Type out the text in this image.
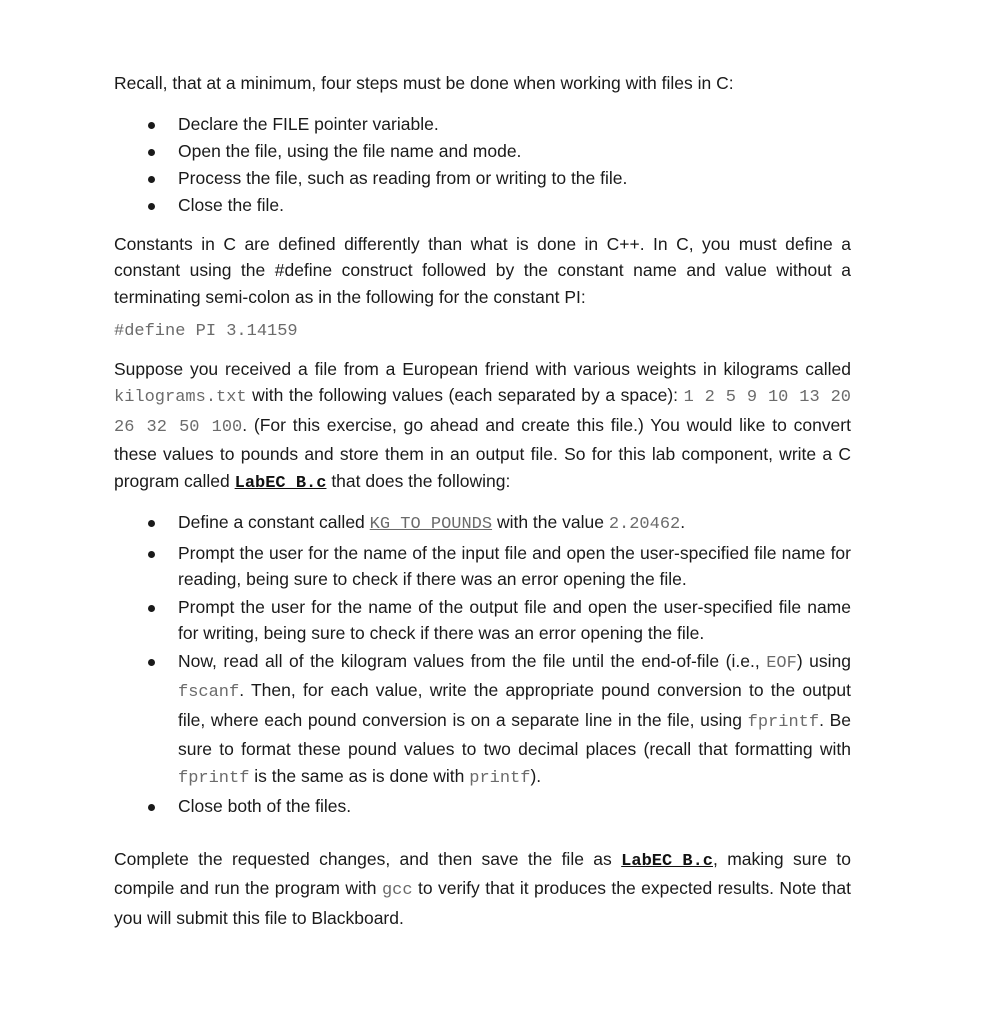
Recall, that at a minimum, four steps must be done when working with files in C:

Declare the FILE pointer variable.
Open the file, using the file name and mode.
Process the file, such as reading from or writing to the file.
Close the file.

Constants in C are defined differently than what is done in C++. In C, you must define a constant using the #define construct followed by the constant name and value without a terminating semi-colon as in the following for the constant PI:

#define PI 3.14159

Suppose you received a file from a European friend with various weights in kilograms called kilograms.txt with the following values (each separated by a space): 1 2 5 9 10 13 20 26 32 50 100. (For this exercise, go ahead and create this file.) You would like to convert these values to pounds and store them in an output file. So for this lab component, write a C program called LabEC_B.c that does the following:

Define a constant called KG_TO_POUNDS with the value 2.20462.
Prompt the user for the name of the input file and open the user-specified file name for reading, being sure to check if there was an error opening the file.
Prompt the user for the name of the output file and open the user-specified file name for writing, being sure to check if there was an error opening the file.
Now, read all of the kilogram values from the file until the end-of-file (i.e., EOF) using fscanf. Then, for each value, write the appropriate pound conversion to the output file, where each pound conversion is on a separate line in the file, using fprintf. Be sure to format these pound values to two decimal places (recall that formatting with fprintf is the same as is done with printf).
Close both of the files.

Complete the requested changes, and then save the file as LabEC_B.c, making sure to compile and run the program with gcc to verify that it produces the expected results. Note that you will submit this file to Blackboard.
